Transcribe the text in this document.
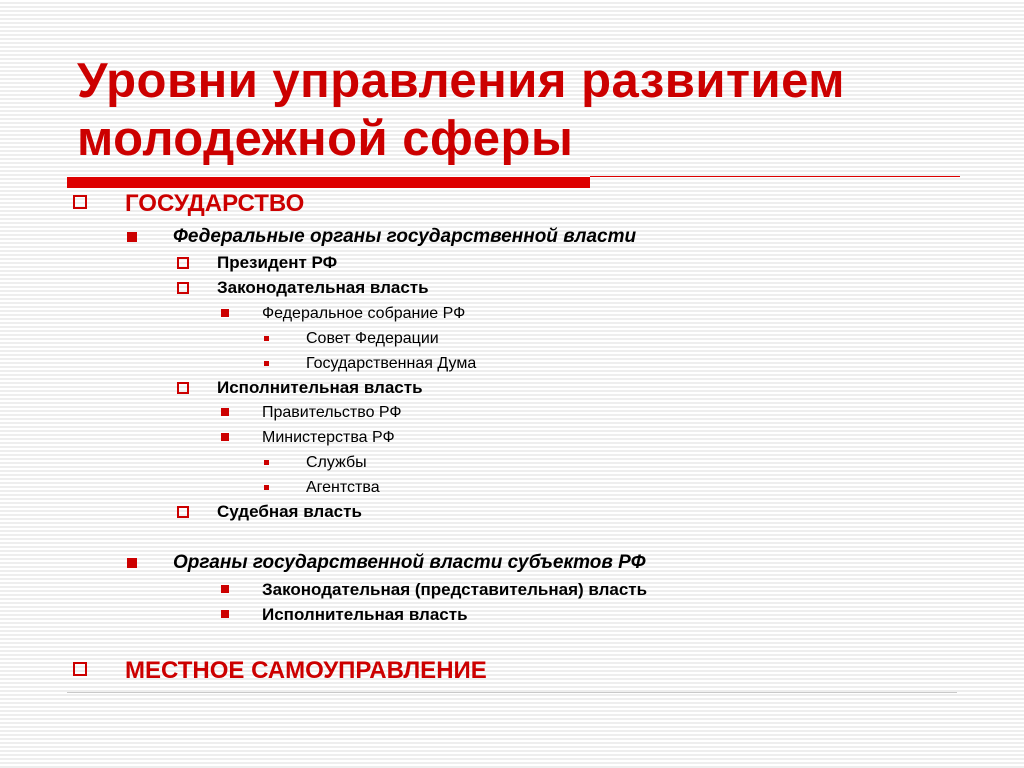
Уровни управления развитием
молодежной сферы
ГОСУДАРСТВО
Федеральные органы государственной власти
Президент РФ
Законодательная власть
Федеральное собрание РФ
Совет Федерации
Государственная Дума
Исполнительная власть
Правительство РФ
Министерства РФ
Службы
Агентства
Судебная власть
Органы государственной власти субъектов РФ
Законодательная (представительная) власть
Исполнительная власть
МЕСТНОЕ САМОУПРАВЛЕНИЕ
